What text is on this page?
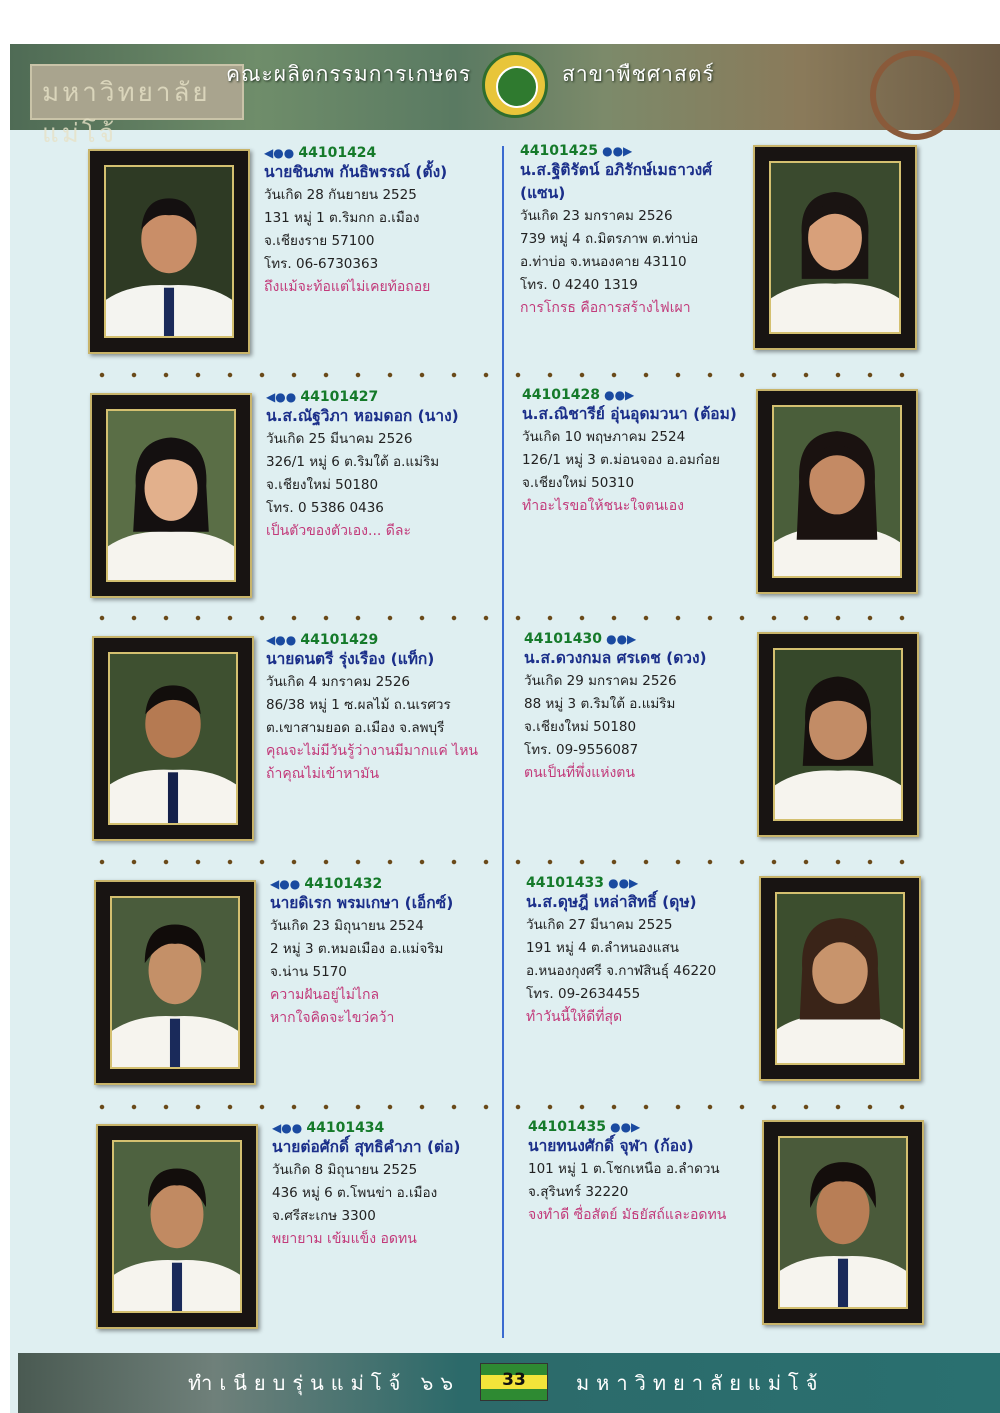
มหาวิทยาลัยแม่โจ้
คณะผลิตกรรมการเกษตร	สาขาพืชศาสตร์
◀●● 44101424
นายชินภพ กันธิพรรณ์ (ตั้ง)
วันเกิด 28 กันยายน 2525
131 หมู่ 1 ต.ริมกก อ.เมือง
จ.เชียงราย 57100
โทร. 06-6730363
ถึงแม้จะท้อแต่ไม่เคยท้อถอย
44101425 ●●▶
น.ส.ฐิติรัตน์ อภิรักษ์เมธาวงศ์
(แซน)
วันเกิด 23 มกราคม 2526
739 หมู่ 4 ถ.มิตรภาพ ต.ท่าบ่อ
อ.ท่าบ่อ จ.หนองคาย 43110
โทร. 0 4240 1319
การโกรธ คือการสร้างไฟเผา
◀●● 44101427
น.ส.ณัฐวิภา หอมดอก (นาง)
วันเกิด 25 มีนาคม 2526
326/1 หมู่ 6 ต.ริมใต้ อ.แม่ริม
จ.เชียงใหม่ 50180
โทร. 0 5386 0436
เป็นตัวของตัวเอง... ดีละ
44101428 ●●▶
น.ส.ณิชารีย์ อุ่นอุดมวนา (ต้อม)
วันเกิด 10 พฤษภาคม 2524
126/1 หมู่ 3 ต.ม่อนจอง อ.อมก๋อย
จ.เชียงใหม่ 50310
ทำอะไรขอให้ชนะใจตนเอง
◀●● 44101429
นายดนตรี รุ่งเรือง (แท็ก)
วันเกิด 4 มกราคม 2526
86/38 หมู่ 1 ซ.ผลไม้ ถ.นเรศวร
ต.เขาสามยอด อ.เมือง จ.ลพบุรี
คุณจะไม่มีวันรู้ว่างานมีมากแค่ ไหน
ถ้าคุณไม่เข้าหามัน
44101430 ●●▶
น.ส.ดวงกมล ศรเดช (ดวง)
วันเกิด 29 มกราคม 2526
88 หมู่ 3 ต.ริมใต้ อ.แม่ริม
จ.เชียงใหม่ 50180
โทร. 09-9556087
ตนเป็นที่พึ่งแห่งตน
◀●● 44101432
นายดิเรก พรมเกษา (เอ็กซ์)
วันเกิด 23 มิถุนายน 2524
2 หมู่ 3 ต.หมอเมือง อ.แม่จริม
จ.น่าน 5170
ความฝันอยู่ไม่ไกล
หากใจคิดจะไขว่คว้า
44101433 ●●▶
น.ส.ดุษฎี เหล่าสิทธิ์ (ดุษ)
วันเกิด 27 มีนาคม 2525
191 หมู่ 4 ต.ลำหนองแสน
อ.หนองกุงศรี จ.กาฬสินธุ์ 46220
โทร. 09-2634455
ทำวันนี้ให้ดีที่สุด
◀●● 44101434
นายต่อศักดิ์ สุทธิคำภา (ต่อ)
วันเกิด 8 มิถุนายน 2525
436 หมู่ 6 ต.โพนข่า อ.เมือง
จ.ศรีสะเกษ 3300
พยายาม เข้มแข็ง อดทน
44101435 ●●▶
นายทนงศักดิ์ จุฬา (ก้อง)
101 หมู่ 1 ต.โชกเหนือ อ.ลำดวน
จ.สุรินทร์ 32220
จงทำดี ซื่อสัตย์ มัธยัสถ์และอดทน
ทำเนียบรุ่นแม่โจ้ ๖๖	33	มหาวิทยาลัยแม่โจ้
